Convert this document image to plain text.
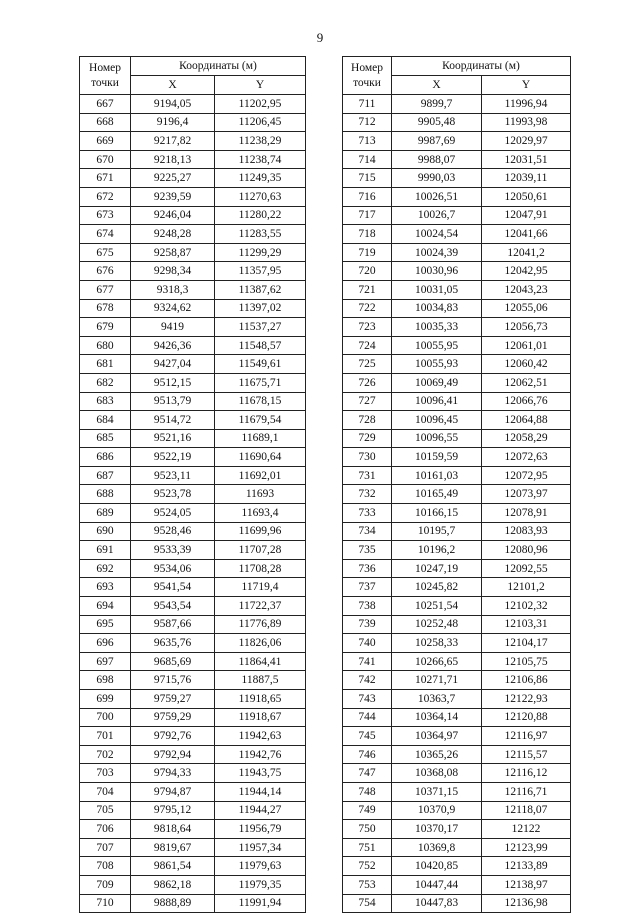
9
Номер
точки	Координаты (м)	
	X	Y
667	9194,05	11202,95
668	9196,4	11206,45
669	9217,82	11238,29
670	9218,13	11238,74
671	9225,27	11249,35
672	9239,59	11270,63
673	9246,04	11280,22
674	9248,28	11283,55
675	9258,87	11299,29
676	9298,34	11357,95
677	9318,3	11387,62
678	9324,62	11397,02
679	9419	11537,27
680	9426,36	11548,57
681	9427,04	11549,61
682	9512,15	11675,71
683	9513,79	11678,15
684	9514,72	11679,54
685	9521,16	11689,1
686	9522,19	11690,64
687	9523,11	11692,01
688	9523,78	11693
689	9524,05	11693,4
690	9528,46	11699,96
691	9533,39	11707,28
692	9534,06	11708,28
693	9541,54	11719,4
694	9543,54	11722,37
695	9587,66	11776,89
696	9635,76	11826,06
697	9685,69	11864,41
698	9715,76	11887,5
699	9759,27	11918,65
700	9759,29	11918,67
701	9792,76	11942,63
702	9792,94	11942,76
703	9794,33	11943,75
704	9794,87	11944,14
705	9795,12	11944,27
706	9818,64	11956,79
707	9819,67	11957,34
708	9861,54	11979,63
709	9862,18	11979,35
710	9888,89	11991,94
Номер
точки	Координаты (м)	
	X	Y
711	9899,7	11996,94
712	9905,48	11993,98
713	9987,69	12029,97
714	9988,07	12031,51
715	9990,03	12039,11
716	10026,51	12050,61
717	10026,7	12047,91
718	10024,54	12041,66
719	10024,39	12041,2
720	10030,96	12042,95
721	10031,05	12043,23
722	10034,83	12055,06
723	10035,33	12056,73
724	10055,95	12061,01
725	10055,93	12060,42
726	10069,49	12062,51
727	10096,41	12066,76
728	10096,45	12064,88
729	10096,55	12058,29
730	10159,59	12072,63
731	10161,03	12072,95
732	10165,49	12073,97
733	10166,15	12078,91
734	10195,7	12083,93
735	10196,2	12080,96
736	10247,19	12092,55
737	10245,82	12101,2
738	10251,54	12102,32
739	10252,48	12103,31
740	10258,33	12104,17
741	10266,65	12105,75
742	10271,71	12106,86
743	10363,7	12122,93
744	10364,14	12120,88
745	10364,97	12116,97
746	10365,26	12115,57
747	10368,08	12116,12
748	10371,15	12116,71
749	10370,9	12118,07
750	10370,17	12122
751	10369,8	12123,99
752	10420,85	12133,89
753	10447,44	12138,97
754	10447,83	12136,98
